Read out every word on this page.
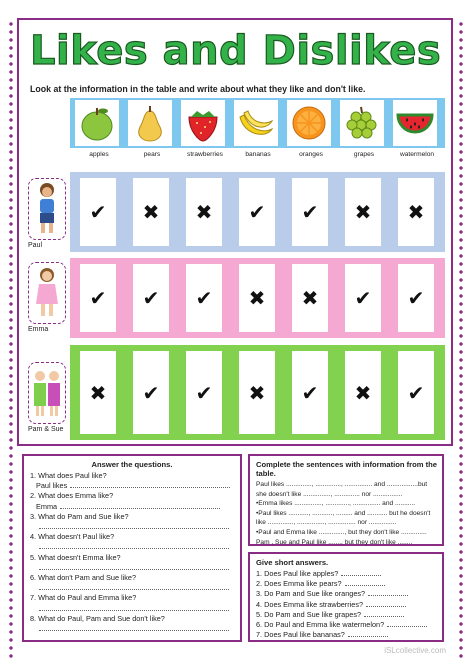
Likes and Dislikes
Look at the information in the table and write about what they like and don't like.
apples	pears	strawberries	bananas	oranges	grapes	watermelon
✔	✖	✖	✔	✔	✖	✖
Paul
✔	✔	✔	✖	✖	✔	✔
Emma
✖	✔	✔	✖	✔	✖	✔
Pam & Sue
Answer the questions.
1. What does Paul like?
Paul likes
2. What does Emma like?
Emma
3. What do Pam and Sue like?
4. What doesn't Paul like?
5. What doesn't Emma like?
6. What don't Pam and Sue like?
7. What do Paul and Emma like?
8. What do Paul, Pam and Sue don't like?
Complete the sentences with information from the table.
Paul likes .............., .............., ............... and .................but
she doesn't like ..............., .............. nor ................
•Emma likes ..............., ............., ............... and ...........
•Paul likes ..........., ..........., ......... and ........... but he doesn't
like .............., ..............., ............... nor ...............
•Paul and Emma like .............., but they don't like ..............
Pam , Sue and Paul like ......., but they don't like ........
Give short answers.
1. Does Paul like apples?
2. Does Emma like pears?
3. Do Pam and Sue like oranges?
4. Does Emma like strawberries?
5. Do Pam and Sue like grapes?
6. Do Paul and Emma like watermelon?
7. Does Paul like bananas?
iSLcollective.com
